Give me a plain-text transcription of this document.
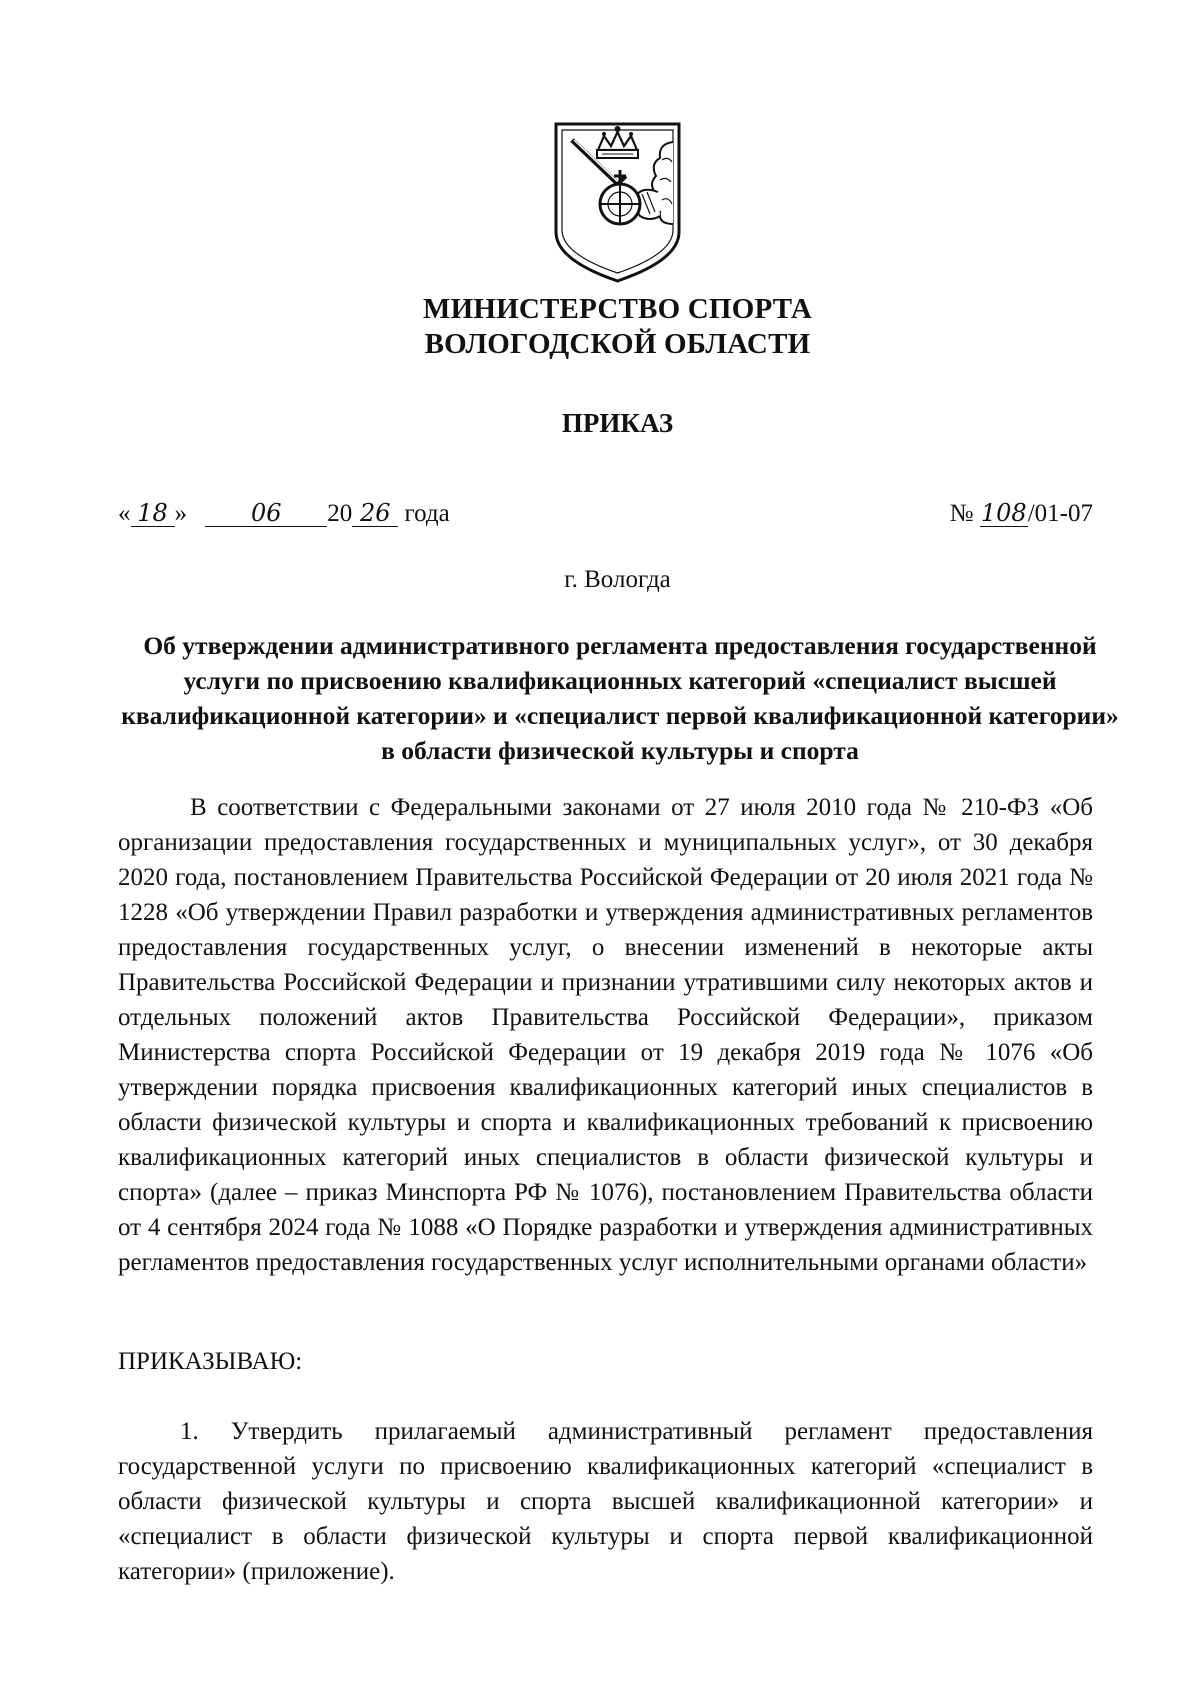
МИНИСТЕРСТВО СПОРТА
ВОЛОГОДСКОЙ ОБЛАСТИ
ПРИКАЗ
« 18 »	06 20 26 года	№ 108/01-07
г. Вологда
Об утверждении административного регламента предоставления государственной услуги по присвоению квалификационных категорий «специалист высшей квалификационной категории» и «специалист первой квалификационной категории» в области физической культуры и спорта
В соответствии с Федеральными законами от 27 июля 2010 года № 210-ФЗ «Об организации предоставления государственных и муниципальных услуг», от 30 декабря 2020 года, постановлением Правительства Российской Федерации от 20 июля 2021 года № 1228 «Об утверждении Правил разработки и утверждения административных регламентов предоставления государственных услуг, о внесении изменений в некоторые акты Правительства Российской Федерации и признании утратившими силу некоторых актов и отдельных положений актов Правительства Российской Федерации», приказом Министерства спорта Российской Федерации от 19 декабря 2019 года № 1076 «Об утверждении порядка присвоения квалификационных категорий иных специалистов в области физической культуры и спорта и квалификационных требований к присвоению квалификационных категорий иных специалистов в области физической культуры и спорта» (далее – приказ Минспорта РФ № 1076), постановлением Правительства области от 4 сентября 2024 года № 1088 «О Порядке разработки и утверждения административных регламентов предоставления государственных услуг исполнительными органами области»
ПРИКАЗЫВАЮ:
1. Утвердить прилагаемый административный регламент предоставления государственной услуги по присвоению квалификационных категорий «специалист в области физической культуры и спорта высшей квалификационной категории» и «специалист в области физической культуры и спорта первой квалификационной категории» (приложение).
